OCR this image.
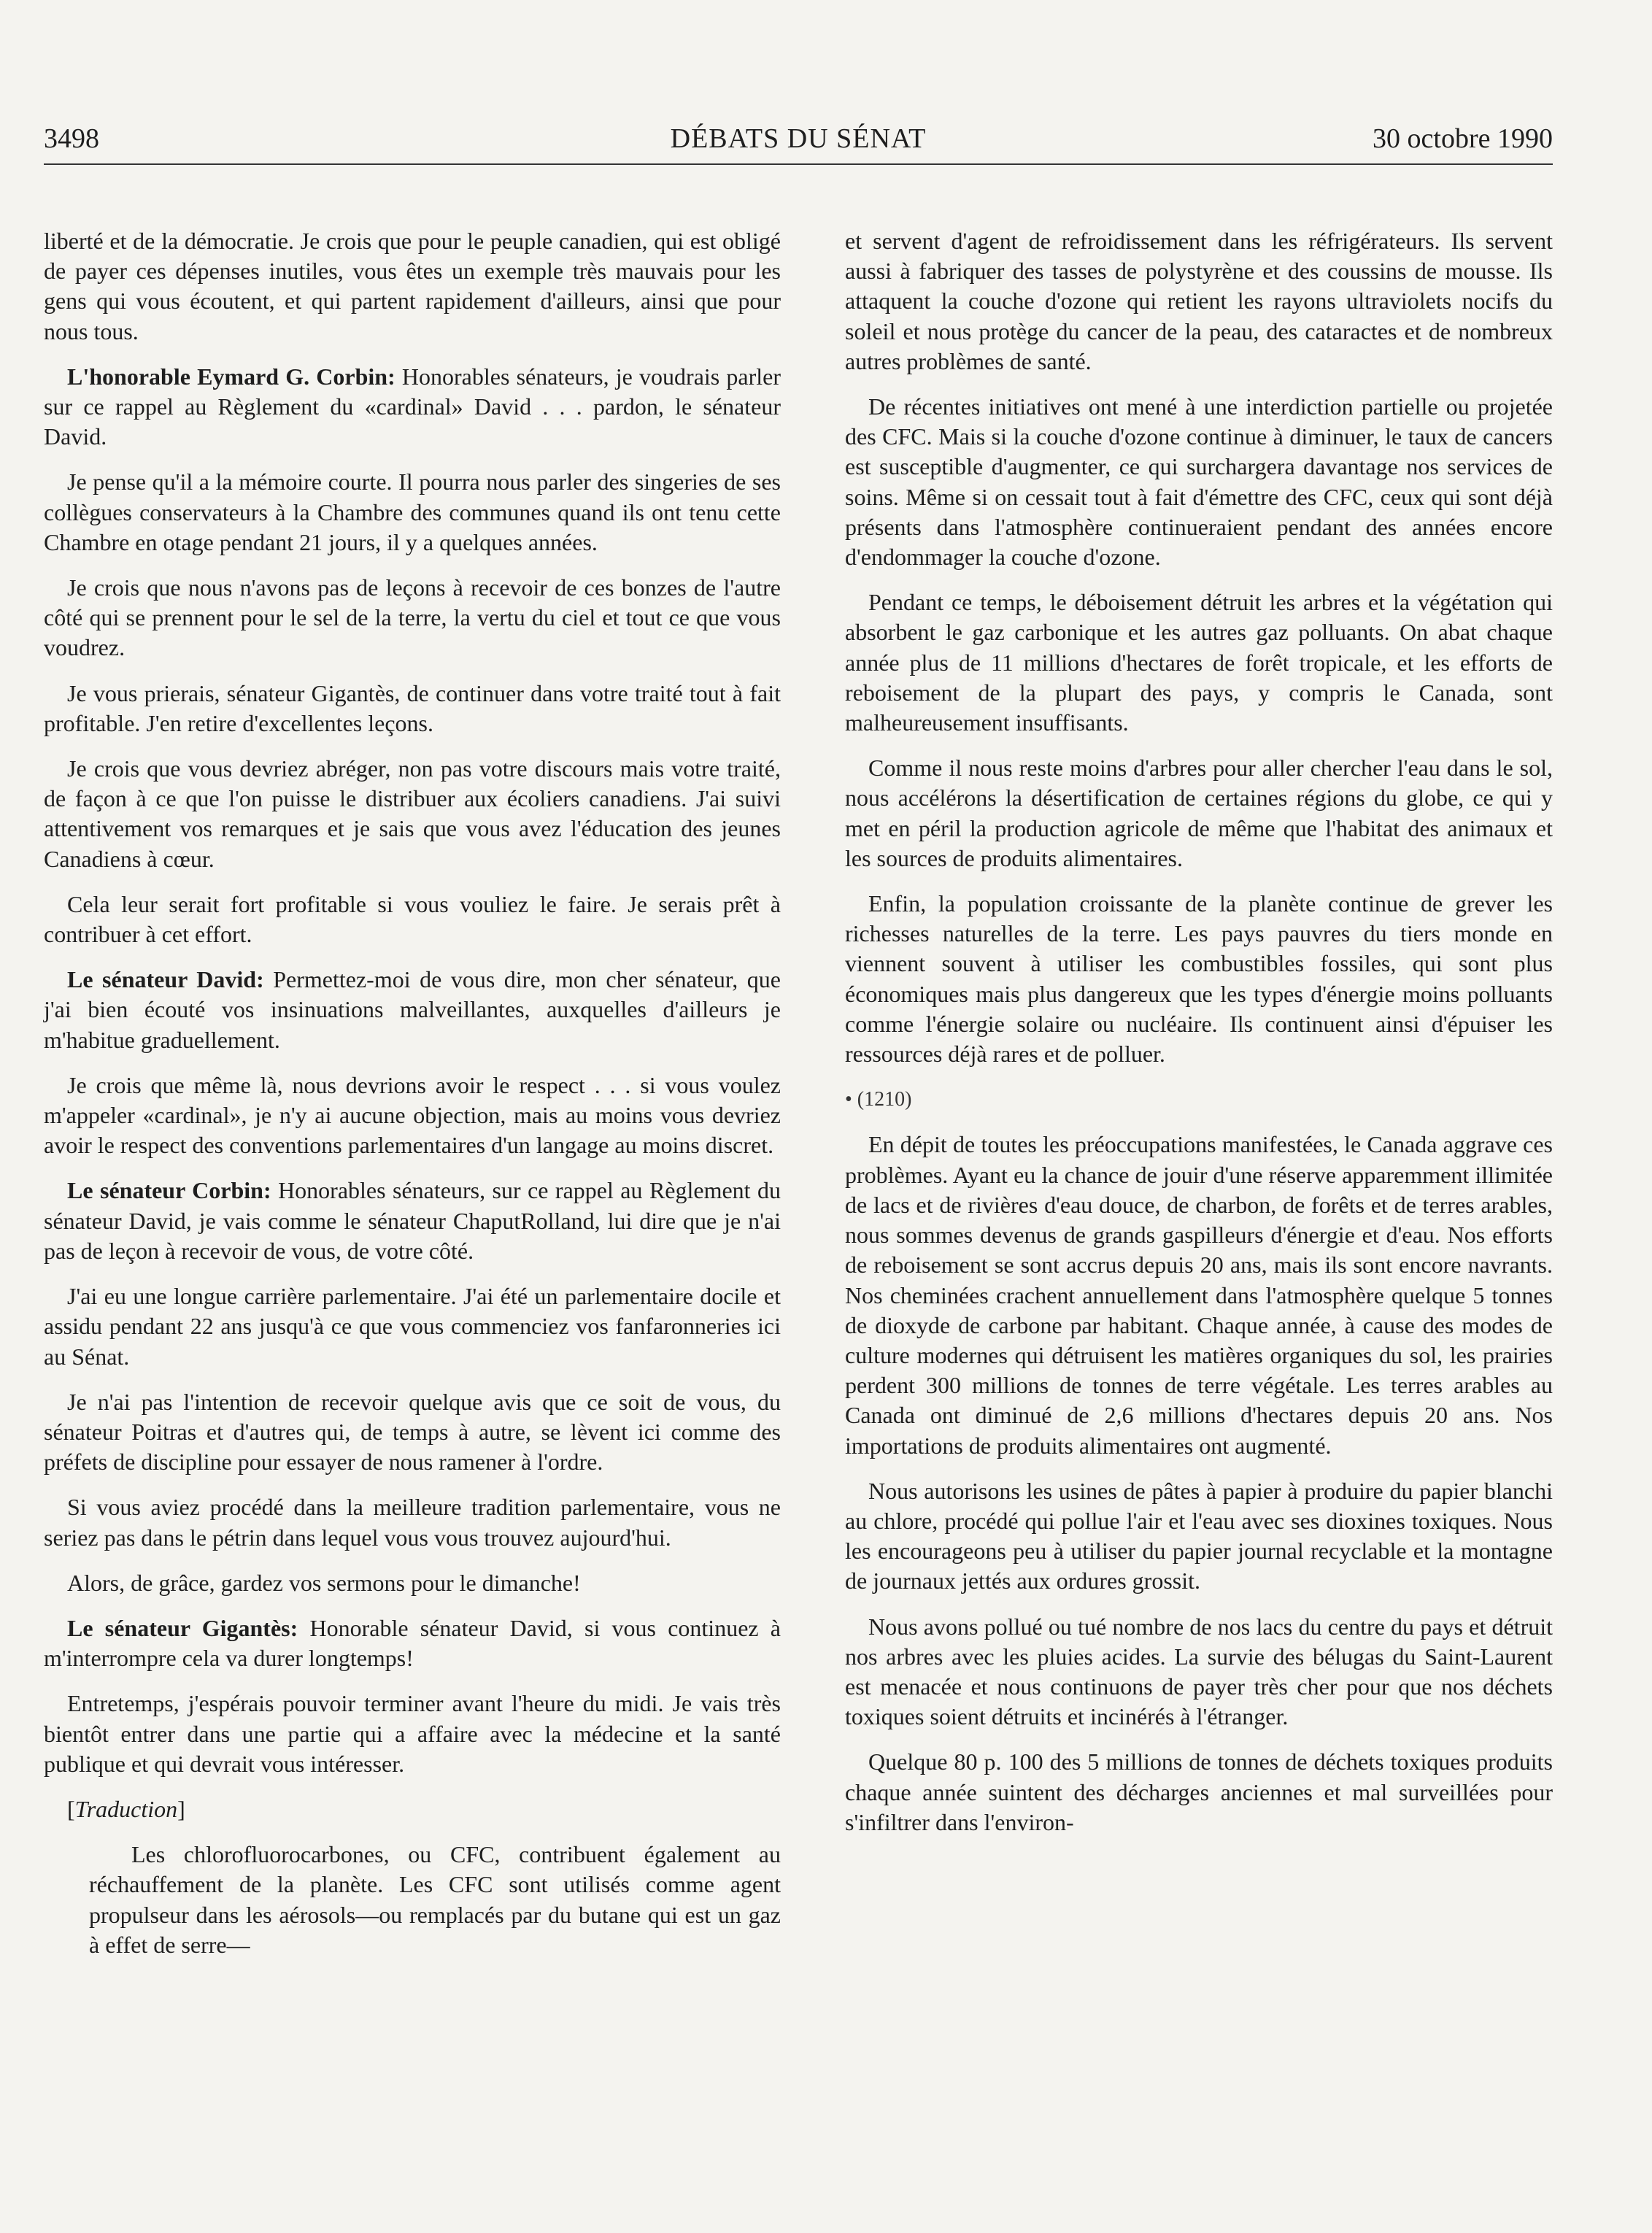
3498	DÉBATS DU SÉNAT	30 octobre 1990

liberté et de la démocratie. Je crois que pour le peuple canadien, qui est obligé de payer ces dépenses inutiles, vous êtes un exemple très mauvais pour les gens qui vous écoutent, et qui partent rapidement d'ailleurs, ainsi que pour nous tous.

L'honorable Eymard G. Corbin: Honorables sénateurs, je voudrais parler sur ce rappel au Règlement du «cardinal» David . . . pardon, le sénateur David.

Je pense qu'il a la mémoire courte. Il pourra nous parler des singeries de ses collègues conservateurs à la Chambre des communes quand ils ont tenu cette Chambre en otage pendant 21 jours, il y a quelques années.

Je crois que nous n'avons pas de leçons à recevoir de ces bonzes de l'autre côté qui se prennent pour le sel de la terre, la vertu du ciel et tout ce que vous voudrez.

Je vous prierais, sénateur Gigantès, de continuer dans votre traité tout à fait profitable. J'en retire d'excellentes leçons.

Je crois que vous devriez abréger, non pas votre discours mais votre traité, de façon à ce que l'on puisse le distribuer aux écoliers canadiens. J'ai suivi attentivement vos remarques et je sais que vous avez l'éducation des jeunes Canadiens à cœur.

Cela leur serait fort profitable si vous vouliez le faire. Je serais prêt à contribuer à cet effort.

Le sénateur David: Permettez-moi de vous dire, mon cher sénateur, que j'ai bien écouté vos insinuations malveillantes, auxquelles d'ailleurs je m'habitue graduellement.

Je crois que même là, nous devrions avoir le respect . . . si vous voulez m'appeler «cardinal», je n'y ai aucune objection, mais au moins vous devriez avoir le respect des conventions parlementaires d'un langage au moins discret.

Le sénateur Corbin: Honorables sénateurs, sur ce rappel au Règlement du sénateur David, je vais comme le sénateur ChaputRolland, lui dire que je n'ai pas de leçon à recevoir de vous, de votre côté.

J'ai eu une longue carrière parlementaire. J'ai été un parlementaire docile et assidu pendant 22 ans jusqu'à ce que vous commenciez vos fanfaronneries ici au Sénat.

Je n'ai pas l'intention de recevoir quelque avis que ce soit de vous, du sénateur Poitras et d'autres qui, de temps à autre, se lèvent ici comme des préfets de discipline pour essayer de nous ramener à l'ordre.

Si vous aviez procédé dans la meilleure tradition parlementaire, vous ne seriez pas dans le pétrin dans lequel vous vous trouvez aujourd'hui.

Alors, de grâce, gardez vos sermons pour le dimanche!

Le sénateur Gigantès: Honorable sénateur David, si vous continuez à m'interrompre cela va durer longtemps!

Entretemps, j'espérais pouvoir terminer avant l'heure du midi. Je vais très bientôt entrer dans une partie qui a affaire avec la médecine et la santé publique et qui devrait vous intéresser.

[Traduction]

Les chlorofluorocarbones, ou CFC, contribuent également au réchauffement de la planète. Les CFC sont utilisés comme agent propulseur dans les aérosols—ou remplacés par du butane qui est un gaz à effet de serre—

et servent d'agent de refroidissement dans les réfrigérateurs. Ils servent aussi à fabriquer des tasses de polystyrène et des coussins de mousse. Ils attaquent la couche d'ozone qui retient les rayons ultraviolets nocifs du soleil et nous protège du cancer de la peau, des cataractes et de nombreux autres problèmes de santé.

De récentes initiatives ont mené à une interdiction partielle ou projetée des CFC. Mais si la couche d'ozone continue à diminuer, le taux de cancers est susceptible d'augmenter, ce qui surchargera davantage nos services de soins. Même si on cessait tout à fait d'émettre des CFC, ceux qui sont déjà présents dans l'atmosphère continueraient pendant des années encore d'endommager la couche d'ozone.

Pendant ce temps, le déboisement détruit les arbres et la végétation qui absorbent le gaz carbonique et les autres gaz polluants. On abat chaque année plus de 11 millions d'hectares de forêt tropicale, et les efforts de reboisement de la plupart des pays, y compris le Canada, sont malheureusement insuffisants.

Comme il nous reste moins d'arbres pour aller chercher l'eau dans le sol, nous accélérons la désertification de certaines régions du globe, ce qui y met en péril la production agricole de même que l'habitat des animaux et les sources de produits alimentaires.

Enfin, la population croissante de la planète continue de grever les richesses naturelles de la terre. Les pays pauvres du tiers monde en viennent souvent à utiliser les combustibles fossiles, qui sont plus économiques mais plus dangereux que les types d'énergie moins polluants comme l'énergie solaire ou nucléaire. Ils continuent ainsi d'épuiser les ressources déjà rares et de polluer.

• (1210)

En dépit de toutes les préoccupations manifestées, le Canada aggrave ces problèmes. Ayant eu la chance de jouir d'une réserve apparemment illimitée de lacs et de rivières d'eau douce, de charbon, de forêts et de terres arables, nous sommes devenus de grands gaspilleurs d'énergie et d'eau. Nos efforts de reboisement se sont accrus depuis 20 ans, mais ils sont encore navrants. Nos cheminées crachent annuellement dans l'atmosphère quelque 5 tonnes de dioxyde de carbone par habitant. Chaque année, à cause des modes de culture modernes qui détruisent les matières organiques du sol, les prairies perdent 300 millions de tonnes de terre végétale. Les terres arables au Canada ont diminué de 2,6 millions d'hectares depuis 20 ans. Nos importations de produits alimentaires ont augmenté.

Nous autorisons les usines de pâtes à papier à produire du papier blanchi au chlore, procédé qui pollue l'air et l'eau avec ses dioxines toxiques. Nous les encourageons peu à utiliser du papier journal recyclable et la montagne de journaux jettés aux ordures grossit.

Nous avons pollué ou tué nombre de nos lacs du centre du pays et détruit nos arbres avec les pluies acides. La survie des bélugas du Saint-Laurent est menacée et nous continuons de payer très cher pour que nos déchets toxiques soient détruits et incinérés à l'étranger.

Quelque 80 p. 100 des 5 millions de tonnes de déchets toxiques produits chaque année suintent des décharges anciennes et mal surveillées pour s'infiltrer dans l'environ-
